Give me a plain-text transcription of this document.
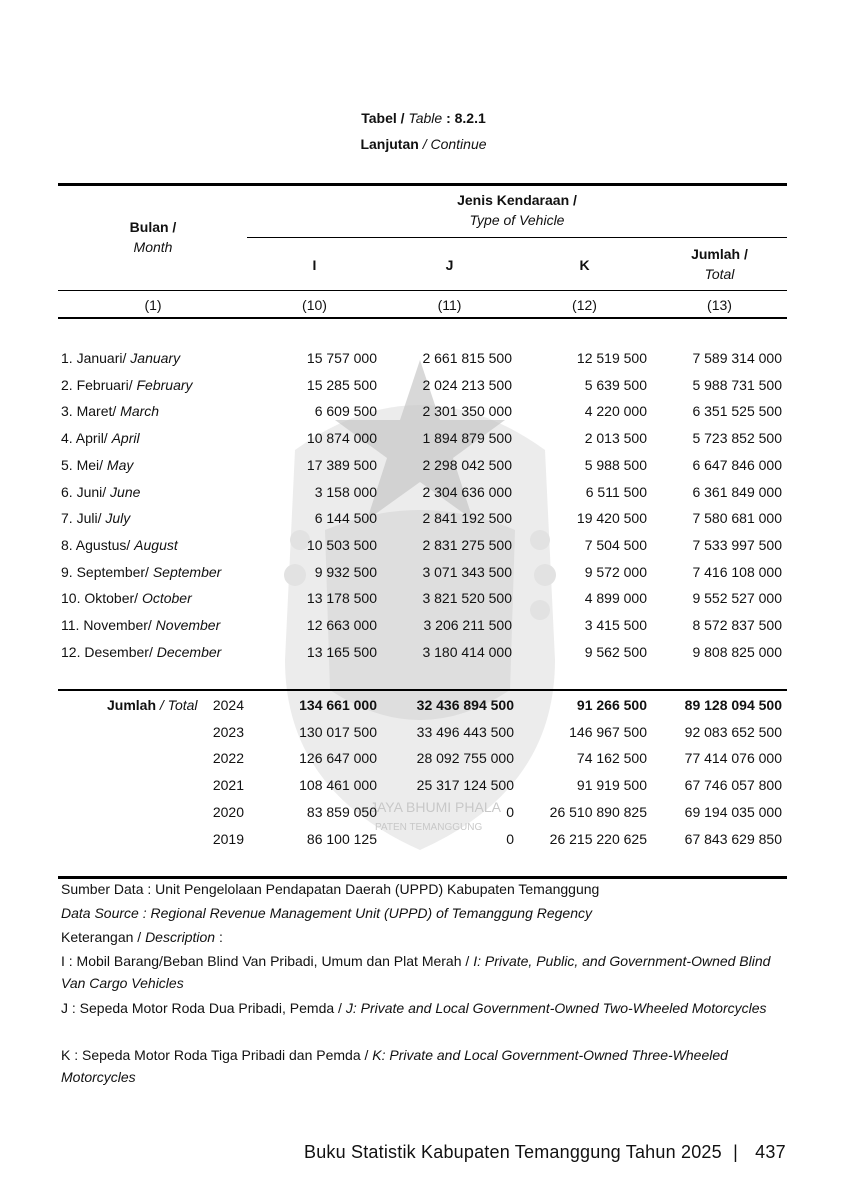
JAYA BHUMI PHALA
PATEN TEMANGGUNG
Tabel / Table : 8.2.1
Lanjutan / Continue
Bulan /
Month
Jenis Kendaraan /
Type of Vehicle
I	J	K
Jumlah /
Total
(1)	(10)	(11)	(12)	(13)
1. Januari/ January	15 757 000	2 661 815 500	12 519 500	7 589 314 000
2. Februari/ February	15 285 500	2 024 213 500	5 639 500	5 988 731 500
3. Maret/ March	6 609 500	2 301 350 000	4 220 000	6 351 525 500
4. April/ April	10 874 000	1 894 879 500	2 013 500	5 723 852 500
5. Mei/ May	17 389 500	2 298 042 500	5 988 500	6 647 846 000
6. Juni/ June	3 158 000	2 304 636 000	6 511 500	6 361 849 000
7. Juli/ July	6 144 500	2 841 192 500	19 420 500	7 580 681 000
8. Agustus/ August	10 503 500	2 831 275 500	7 504 500	7 533 997 500
9. September/ September	9 932 500	3 071 343 500	9 572 000	7 416 108 000
10. Oktober/ October	13 178 500	3 821 520 500	4 899 000	9 552 527 000
11. November/ November	12 663 000	3 206 211 500	3 415 500	8 572 837 500
12. Desember/ December	13 165 500	3 180 414 000	9 562 500	9 808 825 000
Jumlah / Total	2024	134 661 000	32 436 894 500	91 266 500	89 128 094 500
2023	130 017 500	33 496 443 500	146 967 500	92 083 652 500
2022	126 647 000	28 092 755 000	74 162 500	77 414 076 000
2021	108 461 000	25 317 124 500	91 919 500	67 746 057 800
2020	83 859 050	0	26 510 890 825	69 194 035 000
2019	86 100 125	0	26 215 220 625	67 843 629 850
Sumber Data : Unit Pengelolaan Pendapatan Daerah (UPPD) Kabupaten Temanggung
Data Source : Regional Revenue Management Unit (UPPD) of Temanggung Regency
Keterangan / Description :
I : Mobil Barang/Beban Blind Van Pribadi, Umum dan Plat Merah / I: Private, Public, and Government-Owned Blind Van Cargo Vehicles
J : Sepeda Motor Roda Dua Pribadi, Pemda / J: Private and Local Government-Owned Two-Wheeled Motorcycles
K : Sepeda Motor Roda Tiga Pribadi dan Pemda / K: Private and Local Government-Owned Three-Wheeled Motorcycles
Buku Statistik Kabupaten Temanggung Tahun 2025 | 437
